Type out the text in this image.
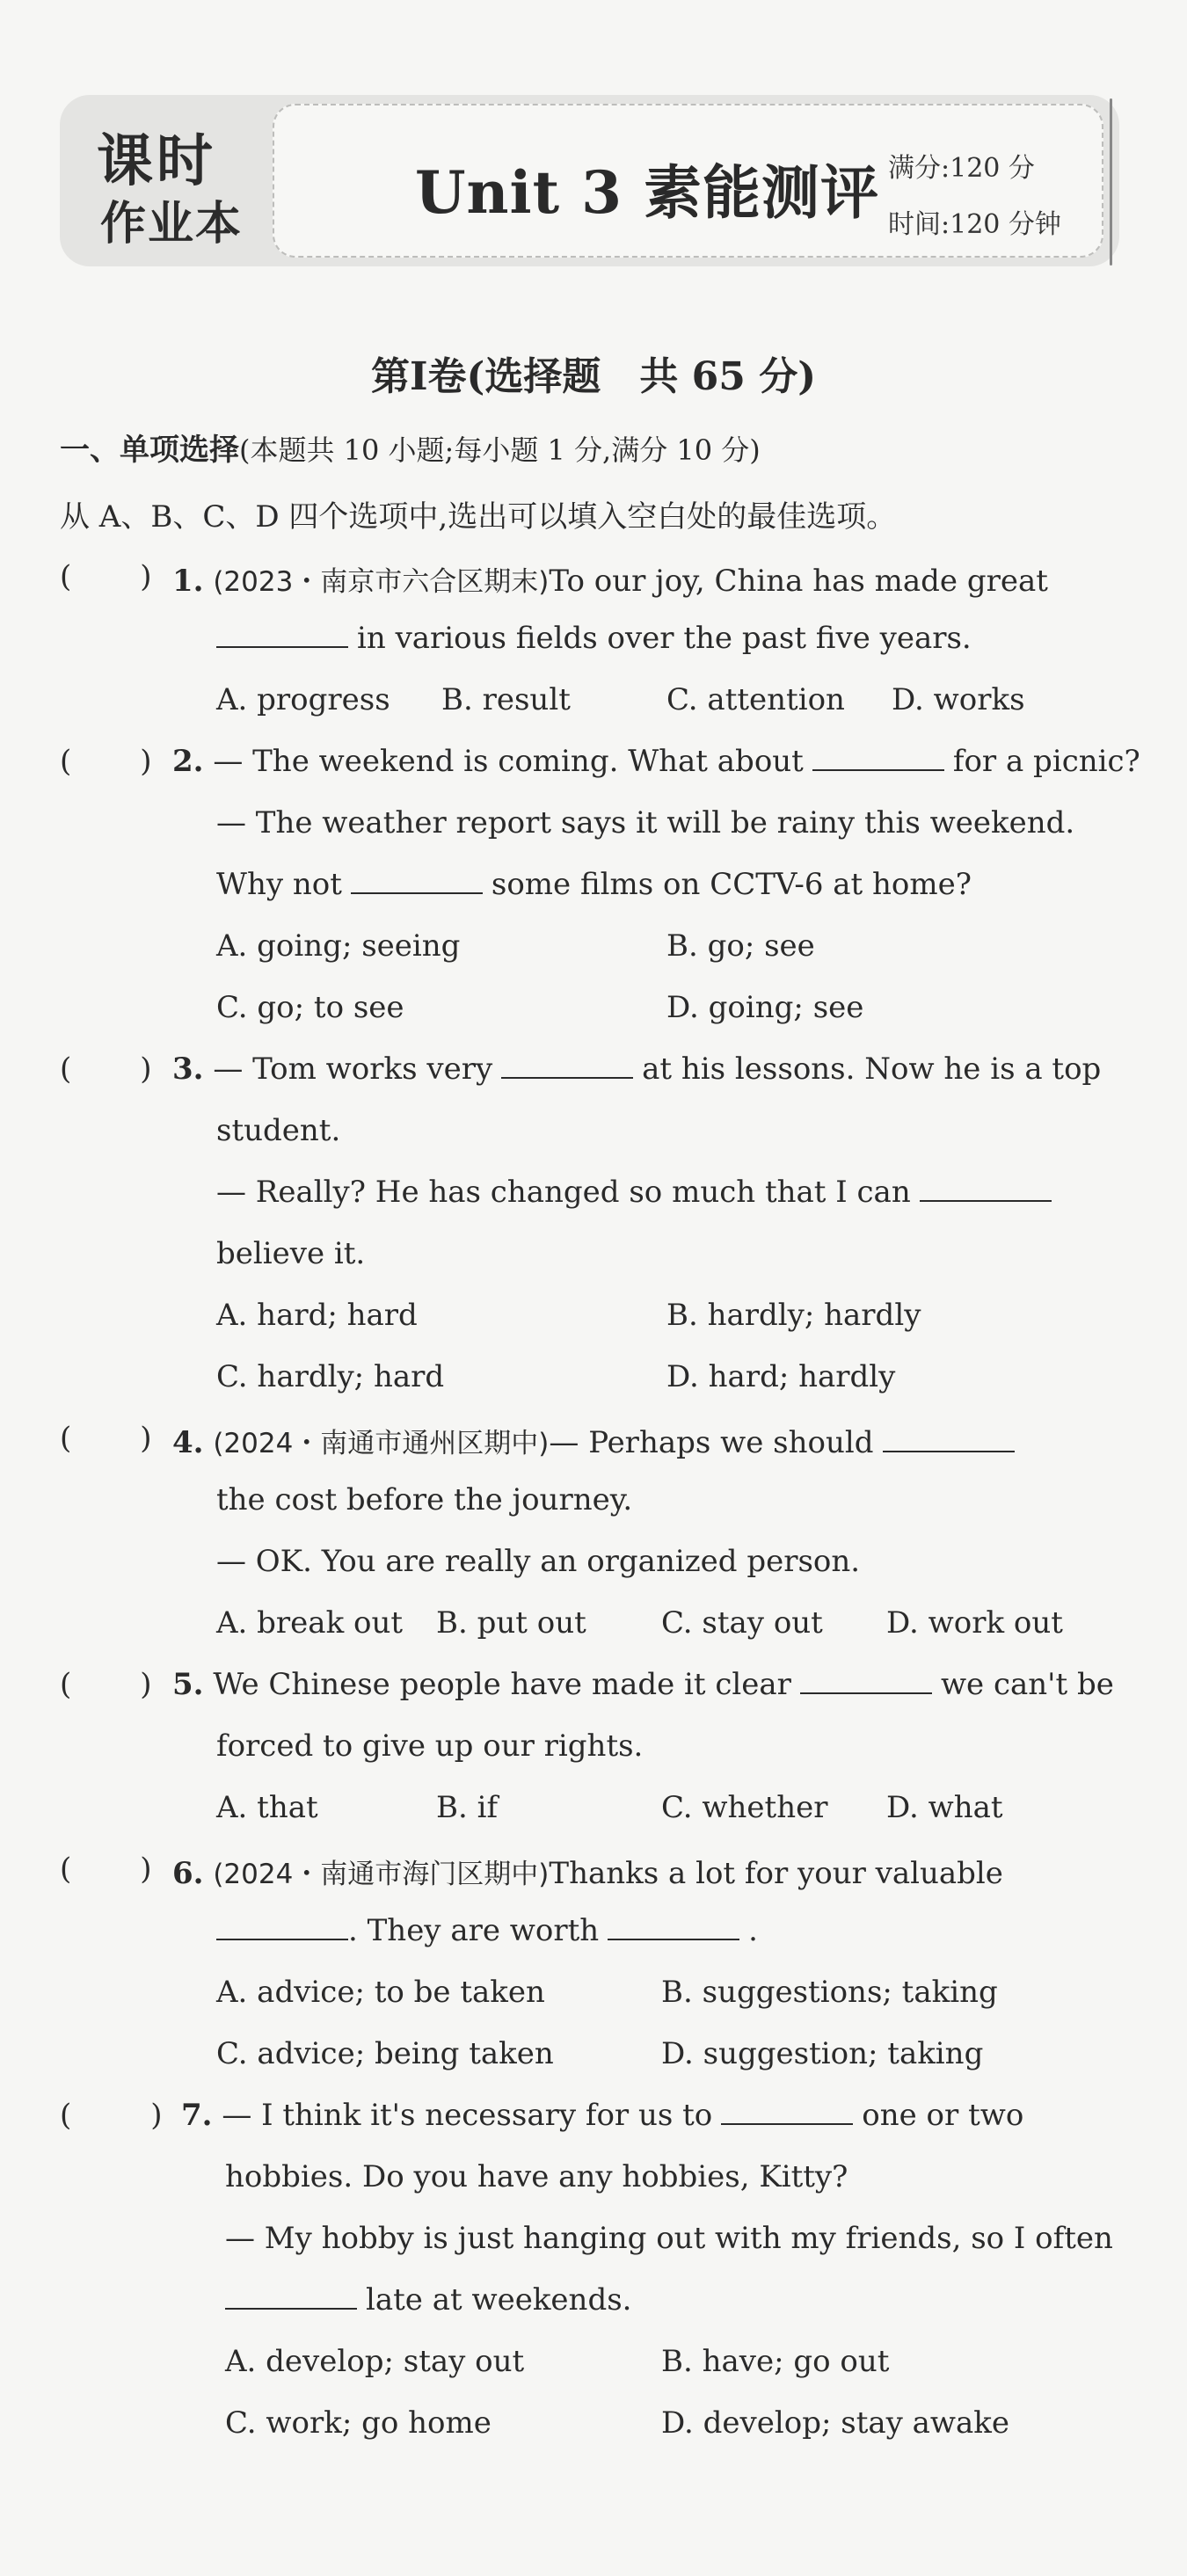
课时
作业本	Unit 3 素能测评 满分:120 分
时间:120 分钟
第Ⅰ卷(选择题　共 65 分)
一、单项选择(本题共 10 小题;每小题 1 分,满分 10 分)
从 A、B、C、D 四个选项中,选出可以填入空白处的最佳选项。
( ) 1. (2023・南京市六合区期末)To our joy, China has made great
in various fields over the past five years.
A. progress B. result	C. attention D. works
( ) 2. — The weekend is coming. What about	for a picnic?
— The weather report says it will be rainy this weekend.
Why not	some films on CCTV-6 at home?
A. going; seeing	B. go; see
C. go; to see	D. going; see
( ) 3. — Tom works very	at his lessons. Now he is a top
student.
— Really? He has changed so much that I can
believe it.
A. hard; hard	B. hardly; hardly
C. hardly; hard	D. hard; hardly
( ) 4. (2024・南通市通州区期中)— Perhaps we should
the cost before the journey.
— OK. You are really an organized person.
A. break out B. put out	C. stay out D. work out
( ) 5. We Chinese people have made it clear	we can't be
forced to give up our rights.
A. that	B. if	C. whether D. what
( ) 6. (2024・南通市海门区期中)Thanks a lot for your valuable
. They are worth	.
A. advice; to be taken	B. suggestions; taking
C. advice; being taken	D. suggestion; taking
(	) 7. — I think it's necessary for us to	one or two
hobbies. Do you have any hobbies, Kitty?
— My hobby is just hanging out with my friends, so I often
late at weekends.
A. develop; stay out	B. have; go out
C. work; go home	D. develop; stay awake
